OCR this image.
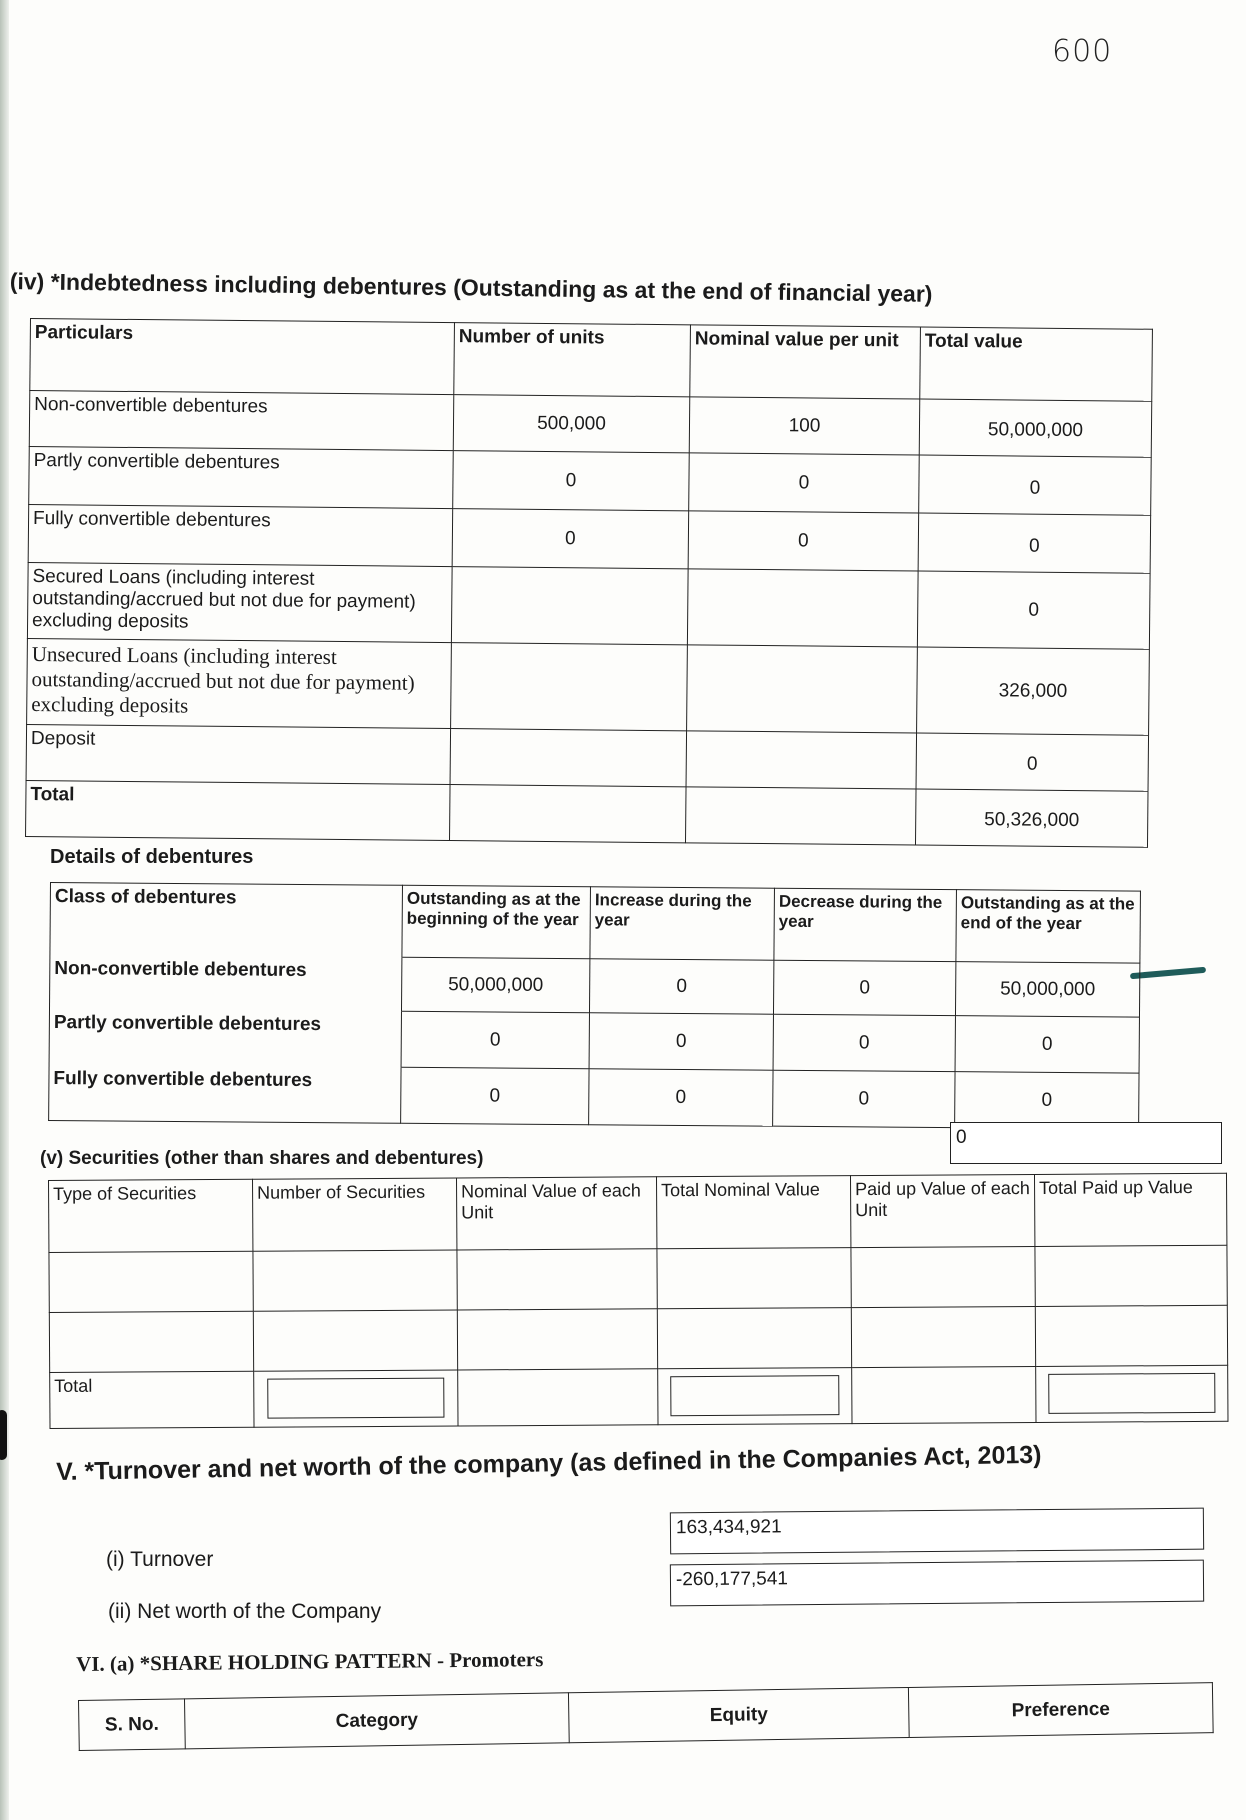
600
(iv) *Indebtedness including debentures (Outstanding as at the end of financial year)
Particulars	Number of units	Nominal value per unit	Total value
Non-convertible debentures	500,000	100	50,000,000
Partly convertible debentures	0	0	0
Fully convertible debentures	0	0	0
Secured Loans (including interest outstanding/accrued but not due for payment) excluding deposits			0
Unsecured Loans (including interest outstanding/accrued but not due for payment) excluding deposits			326,000
Deposit			0
Total			50,326,000
Details of debentures
Class of debentures	Outstanding as at the beginning of the year	Increase during the year	Decrease during the year	Outstanding as at the end of the year
Non-convertible debentures	50,000,000	0	0	50,000,000
Partly convertible debentures	0	0	0	0
Fully convertible debentures	0	0	0	0
(v) Securities (other than shares and debentures)
0
Type of Securities	Number of Securities	Nominal Value of each Unit	Total Nominal Value	Paid up Value of each Unit	Total Paid up Value

Total	

V. *Turnover and net worth of the company (as defined in the Companies Act, 2013)
(i) Turnover
163,434,921
(ii) Net worth of the Company
-260,177,541
VI. (a) *SHARE HOLDING PATTERN - Promoters
S. No.	Category	Equity	Preference
